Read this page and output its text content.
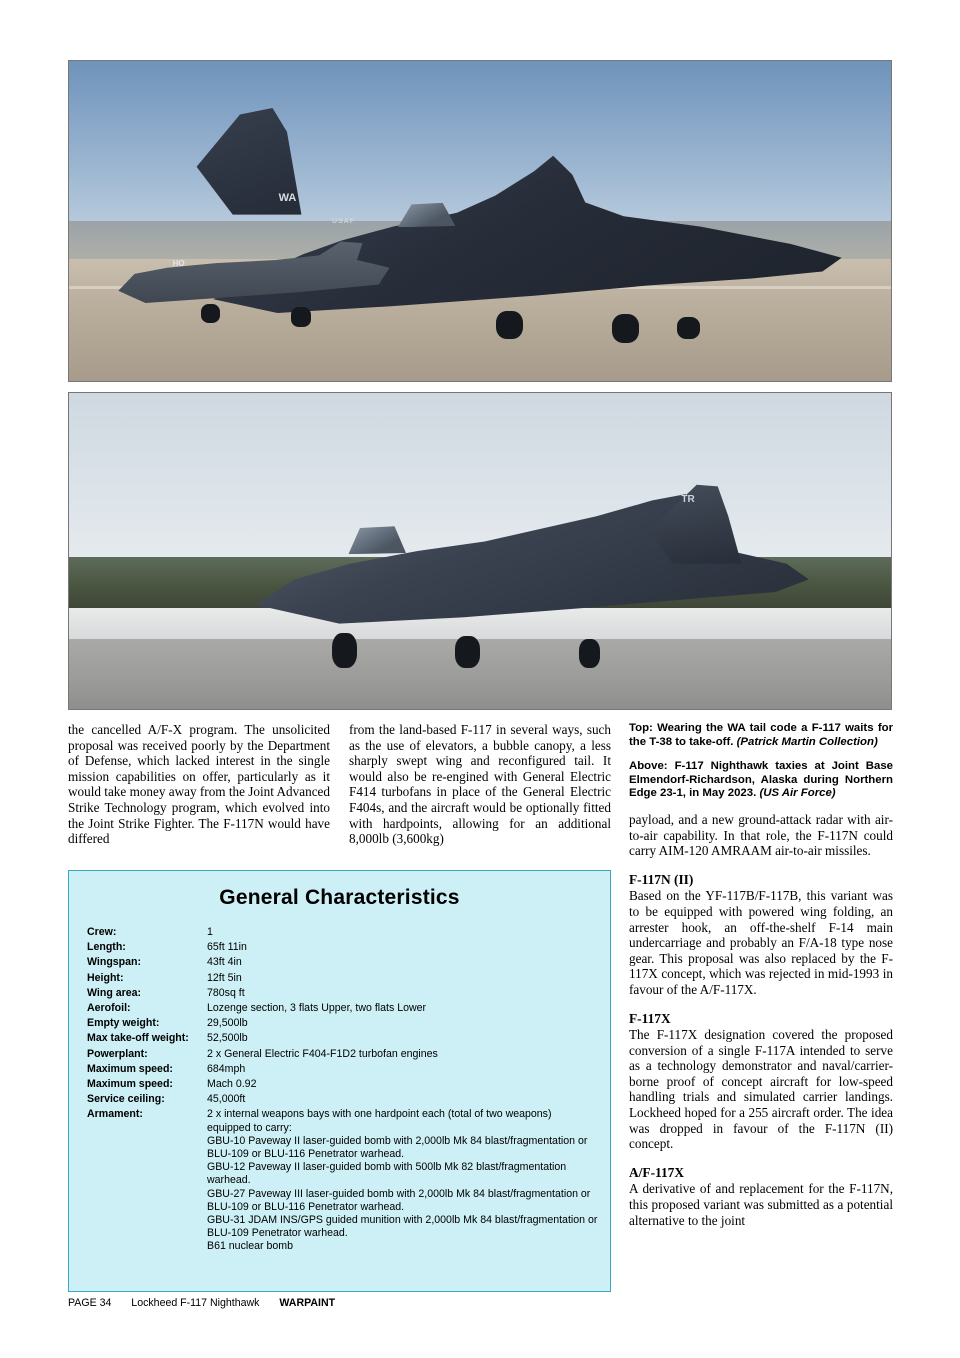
WA
USAF
HO
TR

the cancelled A/F-X program. The unsolicited proposal was received poorly by the Department of Defense, which lacked interest in the single mission capabilities on offer, particularly as it would take money away from the Joint Advanced Strike Technology program, which evolved into the Joint Strike Fighter. The F-117N would have differed

from the land-based F-117 in several ways, such as the use of elevators, a bubble canopy, a less sharply swept wing and reconfigured tail. It would also be re-engined with General Electric F414 turbofans in place of the General Electric F404s, and the aircraft would be optionally fitted with hardpoints, allowing for an additional 8,000lb (3,600kg)

Top: Wearing the WA tail code a F-117 waits for the T-38 to take-off. (Patrick Martin Collection)
Above: F-117 Nighthawk taxies at Joint Base Elmendorf-Richardson, Alaska during Northern Edge 23-1, in May 2023. (US Air Force)

payload, and a new ground-attack radar with air-to-air capability. In that role, the F-117N could carry AIM-120 AMRAAM air-to-air missiles.

F-117N (II)

Based on the YF-117B/F-117B, this variant was to be equipped with powered wing folding, an arrester hook, an off-the-shelf F-14 main undercarriage and probably an F/A-18 type nose gear. This proposal was also replaced by the F-117X concept, which was rejected in mid-1993 in favour of the A/F-117X.

F-117X

The F-117X designation covered the proposed conversion of a single F-117A intended to serve as a technology demonstrator and naval/carrier-borne proof of concept aircraft for low-speed handling trials and simulated carrier landings. Lockheed hoped for a 255 aircraft order. The idea was dropped in favour of the F-117N (II) concept.

A/F-117X

A derivative of and replacement for the F-117N, this proposed variant was submitted as a potential alternative to the joint

General Characteristics
Crew:	1
Length:	65ft 11in
Wingspan:	43ft 4in
Height:	12ft 5in
Wing area:	780sq ft
Aerofoil:	Lozenge section, 3 flats Upper, two flats Lower
Empty weight:	29,500lb
Max take-off weight:	52,500lb
Powerplant:	2 x General Electric F404-F1D2 turbofan engines
Maximum speed:	684mph
Maximum speed:	Mach 0.92
Service ceiling:	45,000ft
Armament:	2 x internal weapons bays with one hardpoint each (total of two weapons)
equipped to carry:
GBU-10 Paveway II laser-guided bomb with 2,000lb Mk 84 blast/fragmentation or
BLU-109 or BLU-116 Penetrator warhead.
GBU-12 Paveway II laser-guided bomb with 500lb Mk 82 blast/fragmentation
warhead.
GBU-27 Paveway III laser-guided bomb with 2,000lb Mk 84 blast/fragmentation or
BLU-109 or BLU-116 Penetrator warhead.
GBU-31 JDAM INS/GPS guided munition with 2,000lb Mk 84 blast/fragmentation or
BLU-109 Penetrator warhead.
B61 nuclear bomb
PAGE 34 Lockheed F-117 Nighthawk WARPAINT
